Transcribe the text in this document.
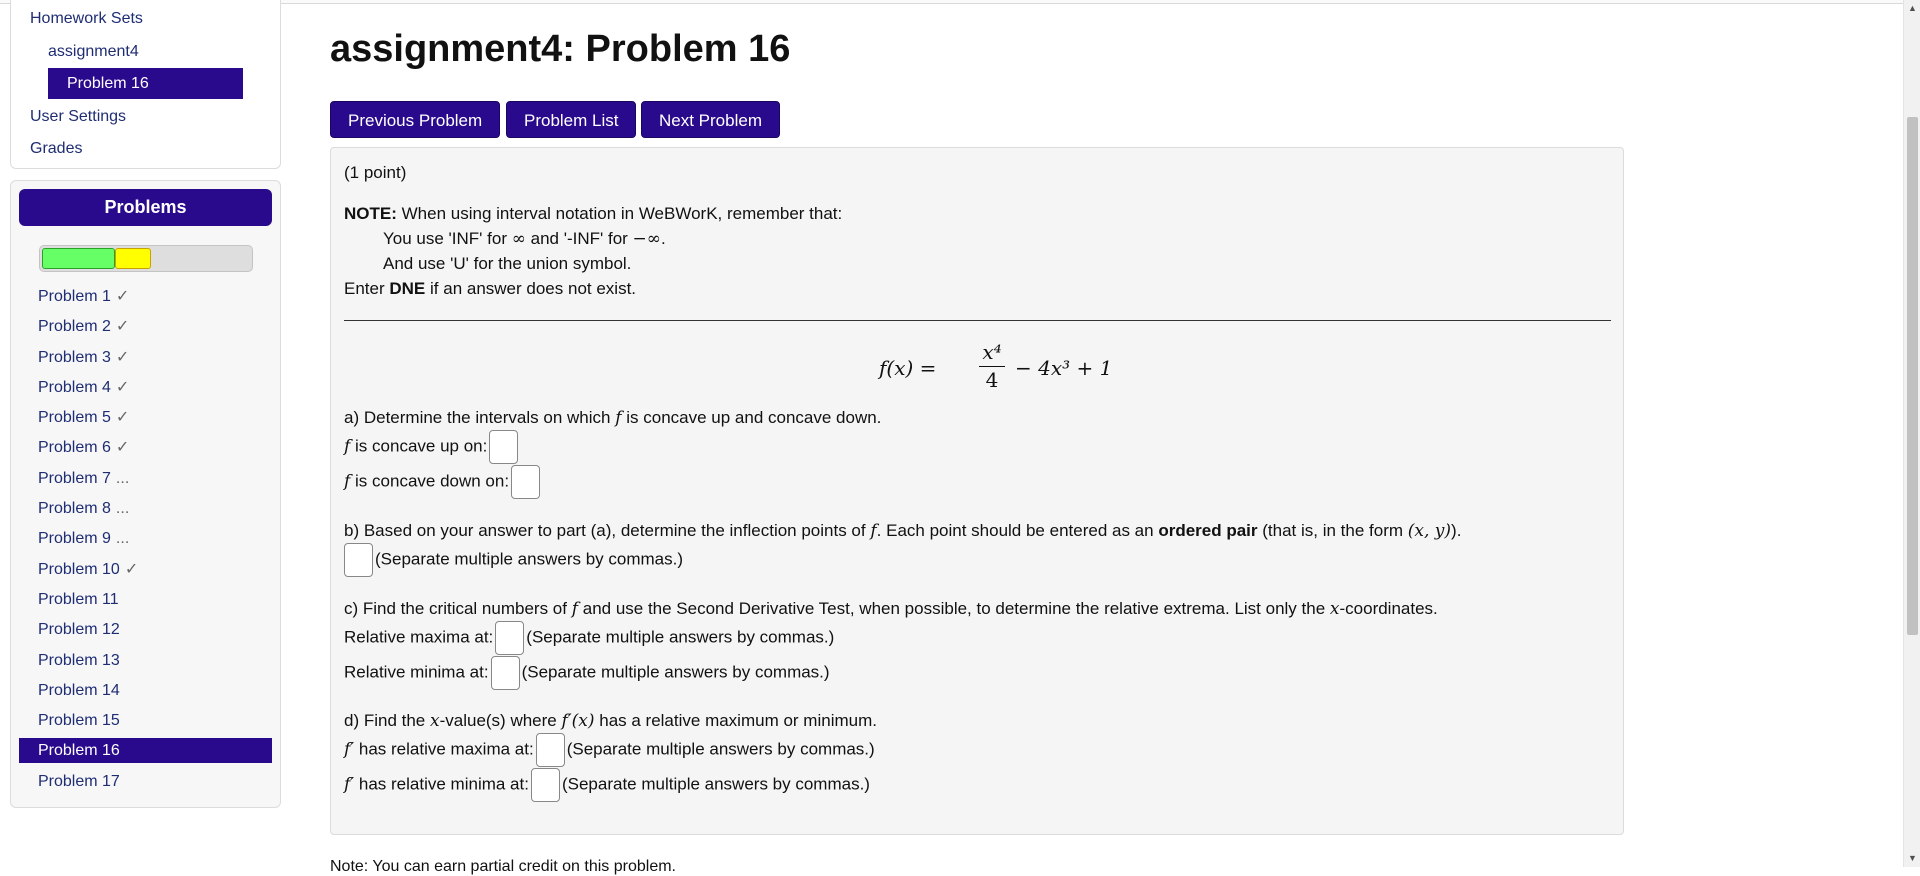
Homework Sets
assignment4
Problem 16
User Settings
Grades
Problems
Problem 1 ✓
Problem 2 ✓
Problem 3 ✓
Problem 4 ✓
Problem 5 ✓
Problem 6 ✓
Problem 7 ...
Problem 8 ...
Problem 9 ...
Problem 10 ✓
Problem 11
Problem 12
Problem 13
Problem 14
Problem 15
Problem 16
Problem 17
assignment4: Problem 16
Previous Problem	Problem List	Next Problem
(1 point)
NOTE: When using interval notation in WeBWorK, remember that:
You use 'INF' for ∞ and '-INF' for −∞.
And use 'U' for the union symbol.
Enter DNE if an answer does not exist.
f(x) =
x⁴
4 − 4x³ + 1
a) Determine the intervals on which f is concave up and concave down.
f is concave up on:
f is concave down on:
b) Based on your answer to part (a), determine the inflection points of f. Each point should be entered as an ordered pair (that is, in the form (x, y)).
(Separate multiple answers by commas.)
c) Find the critical numbers of f and use the Second Derivative Test, when possible, to determine the relative extrema. List only the x-coordinates.
Relative maxima at: (Separate multiple answers by commas.)
Relative minima at: (Separate multiple answers by commas.)
d) Find the x-value(s) where f′(x) has a relative maximum or minimum.
f′ has relative maxima at: (Separate multiple answers by commas.)
f′ has relative minima at: (Separate multiple answers by commas.)
Note: You can earn partial credit on this problem.
▲
▼
